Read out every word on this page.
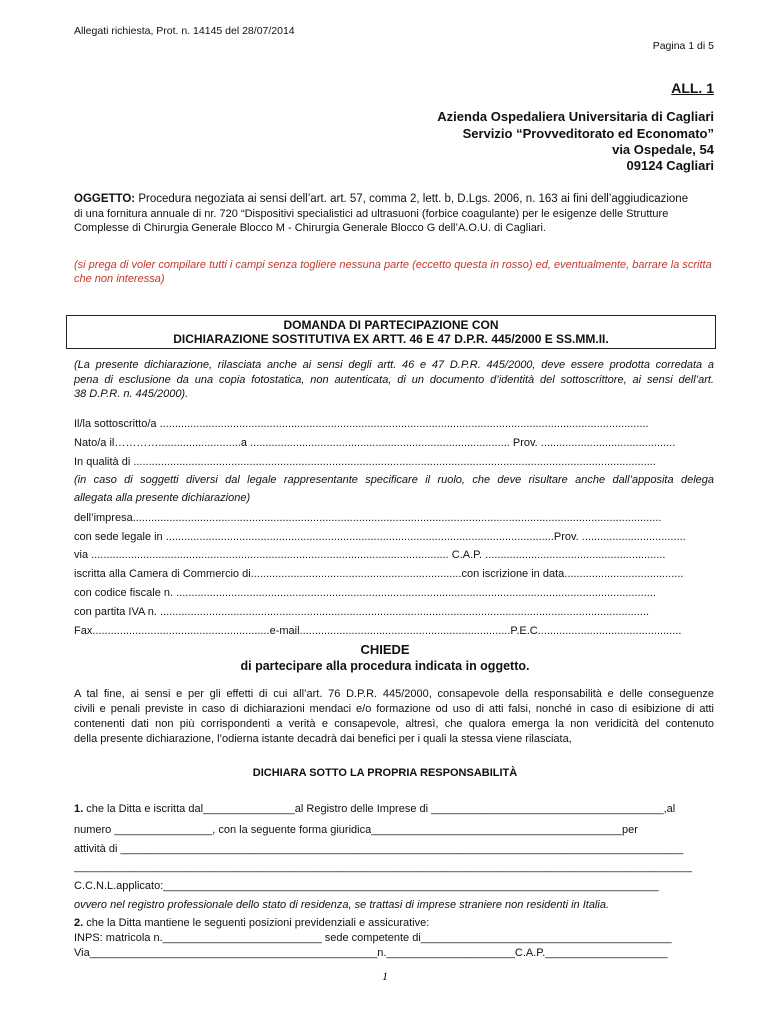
Allegati richiesta, Prot. n. 14145 del 28/07/2014
Pagina 1 di 5
ALL. 1
Azienda Ospedaliera Universitaria di Cagliari
Servizio “Provveditorato ed Economato”
via Ospedale, 54
09124 Cagliari
OGGETTO: Procedura negoziata ai sensi dell’art. art. 57, comma 2, lett. b, D.Lgs. 2006, n. 163 ai fini dell’aggiudicazione
di una fornitura annuale di nr. 720 “Dispositivi specialistici ad ultrasuoni (forbice coagulante) per le esigenze delle Strutture
Complesse di Chirurgia Generale Blocco M - Chirurgia Generale Blocco G dell’A.O.U. di Cagliari.
(si prega di voler compilare tutti i campi senza togliere nessuna parte (eccetto questa in rosso) ed, eventualmente, barrare la scritta
che non interessa)
DOMANDA DI PARTECIPAZIONE CON
DICHIARAZIONE SOSTITUTIVA EX ARTT. 46 E 47 D.P.R. 445/2000 E SS.MM.II.
(La presente dichiarazione, rilasciata anche ai sensi degli artt. 46 e 47 D.P.R. 445/2000, deve essere prodotta corredata a
pena di esclusione da una copia fotostatica, non autenticata, di un documento d’identità del sottoscrittore, ai sensi dell’art.
38 D.P.R. n. 445/2000).
Il/la sottoscritto/a ................................................................................................................................................................
Nato/a il…………...........................a ..................................................................................... Prov. ............................................
In qualità di ...........................................................................................................................................................................
(in caso di soggetti diversi dal legale rappresentante specificare il ruolo, che deve risultare anche dall’apposita delega
allegata alla presente dichiarazione)
dell’impresa.............................................................................................................................................................................
con sede legale in ...............................................................................................................................Prov. ..................................
via ..................................................................................................................... C.A.P. ...........................................................
iscritta alla Camera di Commercio di.....................................................................con iscrizione in data.......................................
con codice fiscale n. .............................................................................................................................................................
con partita IVA n. ................................................................................................................................................................
Fax..........................................................e-mail.....................................................................P.E.C...............................................
CHIEDE
di partecipare alla procedura indicata in oggetto.
A tal fine, ai sensi e per gli effetti di cui all’art. 76 D.P.R. 445/2000, consapevole della responsabilità e delle conseguenze
civili e penali previste in caso di dichiarazioni mendaci e/o formazione od uso di atti falsi, nonché in caso di esibizione di atti
contenenti dati non più corrispondenti a verità e consapevole, altresì, che qualora emerga la non veridicità del contenuto
della presente dichiarazione, l’odierna istante decadrà dai benefici per i quali la stessa viene rilasciata,
DICHIARA SOTTO LA PROPRIA RESPONSABILITÀ
1. che la Ditta e iscritta dal_______________al Registro delle Imprese di ______________________________________,al
numero ________________, con la seguente forma giuridica_________________________________________per
attività di ____________________________________________________________________________________________
_____________________________________________________________________________________________________
C.C.N.L.applicato:_________________________________________________________________________________
ovvero nel registro professionale dello stato di residenza, se trattasi di imprese straniere non residenti in Italia.
2. che la Ditta mantiene le seguenti posizioni previdenziali e assicurative:
INPS: matricola n.__________________________ sede competente di_________________________________________
Via_______________________________________________n._____________________C.A.P.____________________
1
